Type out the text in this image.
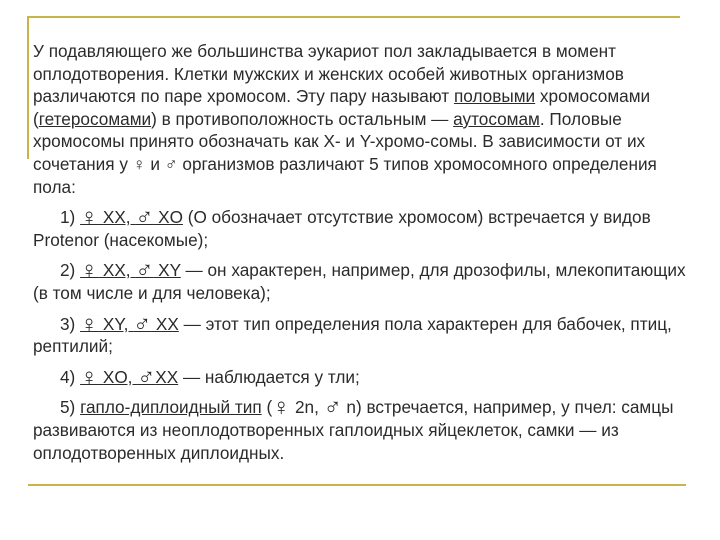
У подавляющего же большинства эукариот пол закладывается в момент оплодотворения. Клетки мужских и женских особей животных организмов различаются по паре хромосом. Эту пару называют половыми хромосомами (гетеросомами) в противоположность остальным — аутосомам. Половые хромосомы принято обозначать как Х- и Y-хромо-сомы. В зависимости от их сочетания у ♀ и ♂ организмов различают 5 типов хромосомного определения пола:

1) ♀ XX, ♂ XO (О обозначает отсутствие хромосом) встречается у видов Protenor (насекомые);

2) ♀ XX, ♂ XY — он характерен, например, для дрозофилы, млекопитающих (в том числе и для человека);

3) ♀ XY, ♂ XX — этот тип определения пола характерен для бабочек, птиц, рептилий;

4) ♀ XO, ♂XX — наблюдается у тли;

5) гапло-диплоидный тип (♀ 2n, ♂ n) встречается, например, у пчел: самцы развиваются из неоплодотворенных гаплоидных яйцеклеток, самки — из оплодотворенных диплоидных.
